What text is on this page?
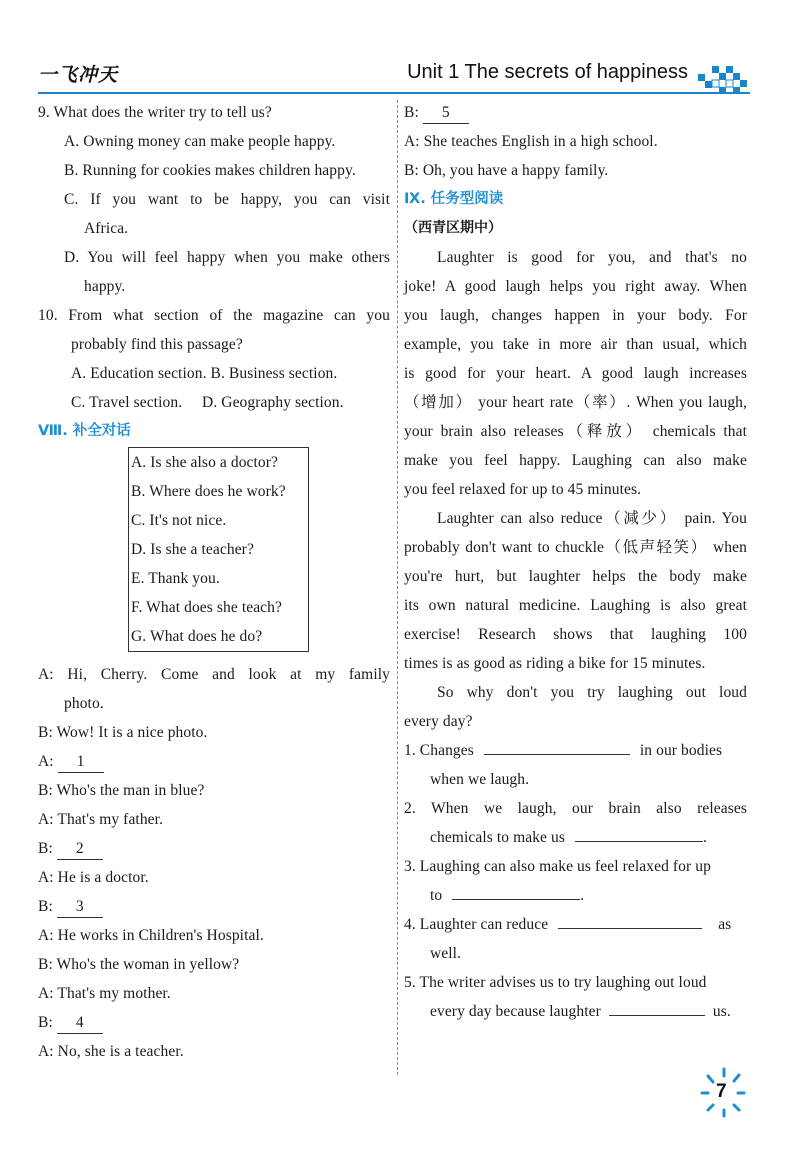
一飞冲天	Unit 1 The secrets of happiness
9. What does the writer try to tell us?
A. Owning money can make people happy.
B. Running for cookies makes children happy.
C. If you want to be happy, you can visit
Africa.
D. You will feel happy when you make others
happy.
10. From what section of the magazine can you
probably find this passage?
A. Education section. B. Business section.
C. Travel section.     D. Geography section.
Ⅷ. 补全对话
A. Is she also a doctor?
B. Where does he work?
C. It's not nice.
D. Is she a teacher?
E. Thank you.
F. What does she teach?
G. What does he do?
A: Hi, Cherry. Come and look at my family
photo.
B: Wow! It is a nice photo.
A: 1
B: Who's the man in blue?
A: That's my father.
B: 2
A: He is a doctor.
B: 3
A: He works in Children's Hospital.
B: Who's the woman in yellow?
A: That's my mother.
B: 4
A: No, she is a teacher.
B: 5
A: She teaches English in a high school.
B: Oh, you have a happy family.
Ⅸ. 任务型阅读
（西青区期中）
Laughter is good for you, and that's no
joke! A good laugh helps you right away. When
you laugh, changes happen in your body. For
example, you take in more air than usual, which
is good for your heart. A good laugh increases
（增加） your heart rate（率）. When you laugh,
your brain also releases（释放） chemicals that
make you feel happy. Laughing can also make
you feel relaxed for up to 45 minutes.
Laughter can also reduce（减少） pain. You
probably don't want to chuckle（低声轻笑） when
you're hurt, but laughter helps the body make
its own natural medicine. Laughing is also great
exercise! Research shows that laughing 100
times is as good as riding a bike for 15 minutes.
So why don't you try laughing out loud
every day?
1. Changes	in our bodies
when we laugh.
2. When we laugh, our brain also releases
chemicals to make us	.
3. Laughing can also make us feel relaxed for up
to	.
4. Laughter can reduce	as
well.
5. The writer advises us to try laughing out loud
every day because laughter	us.
7
